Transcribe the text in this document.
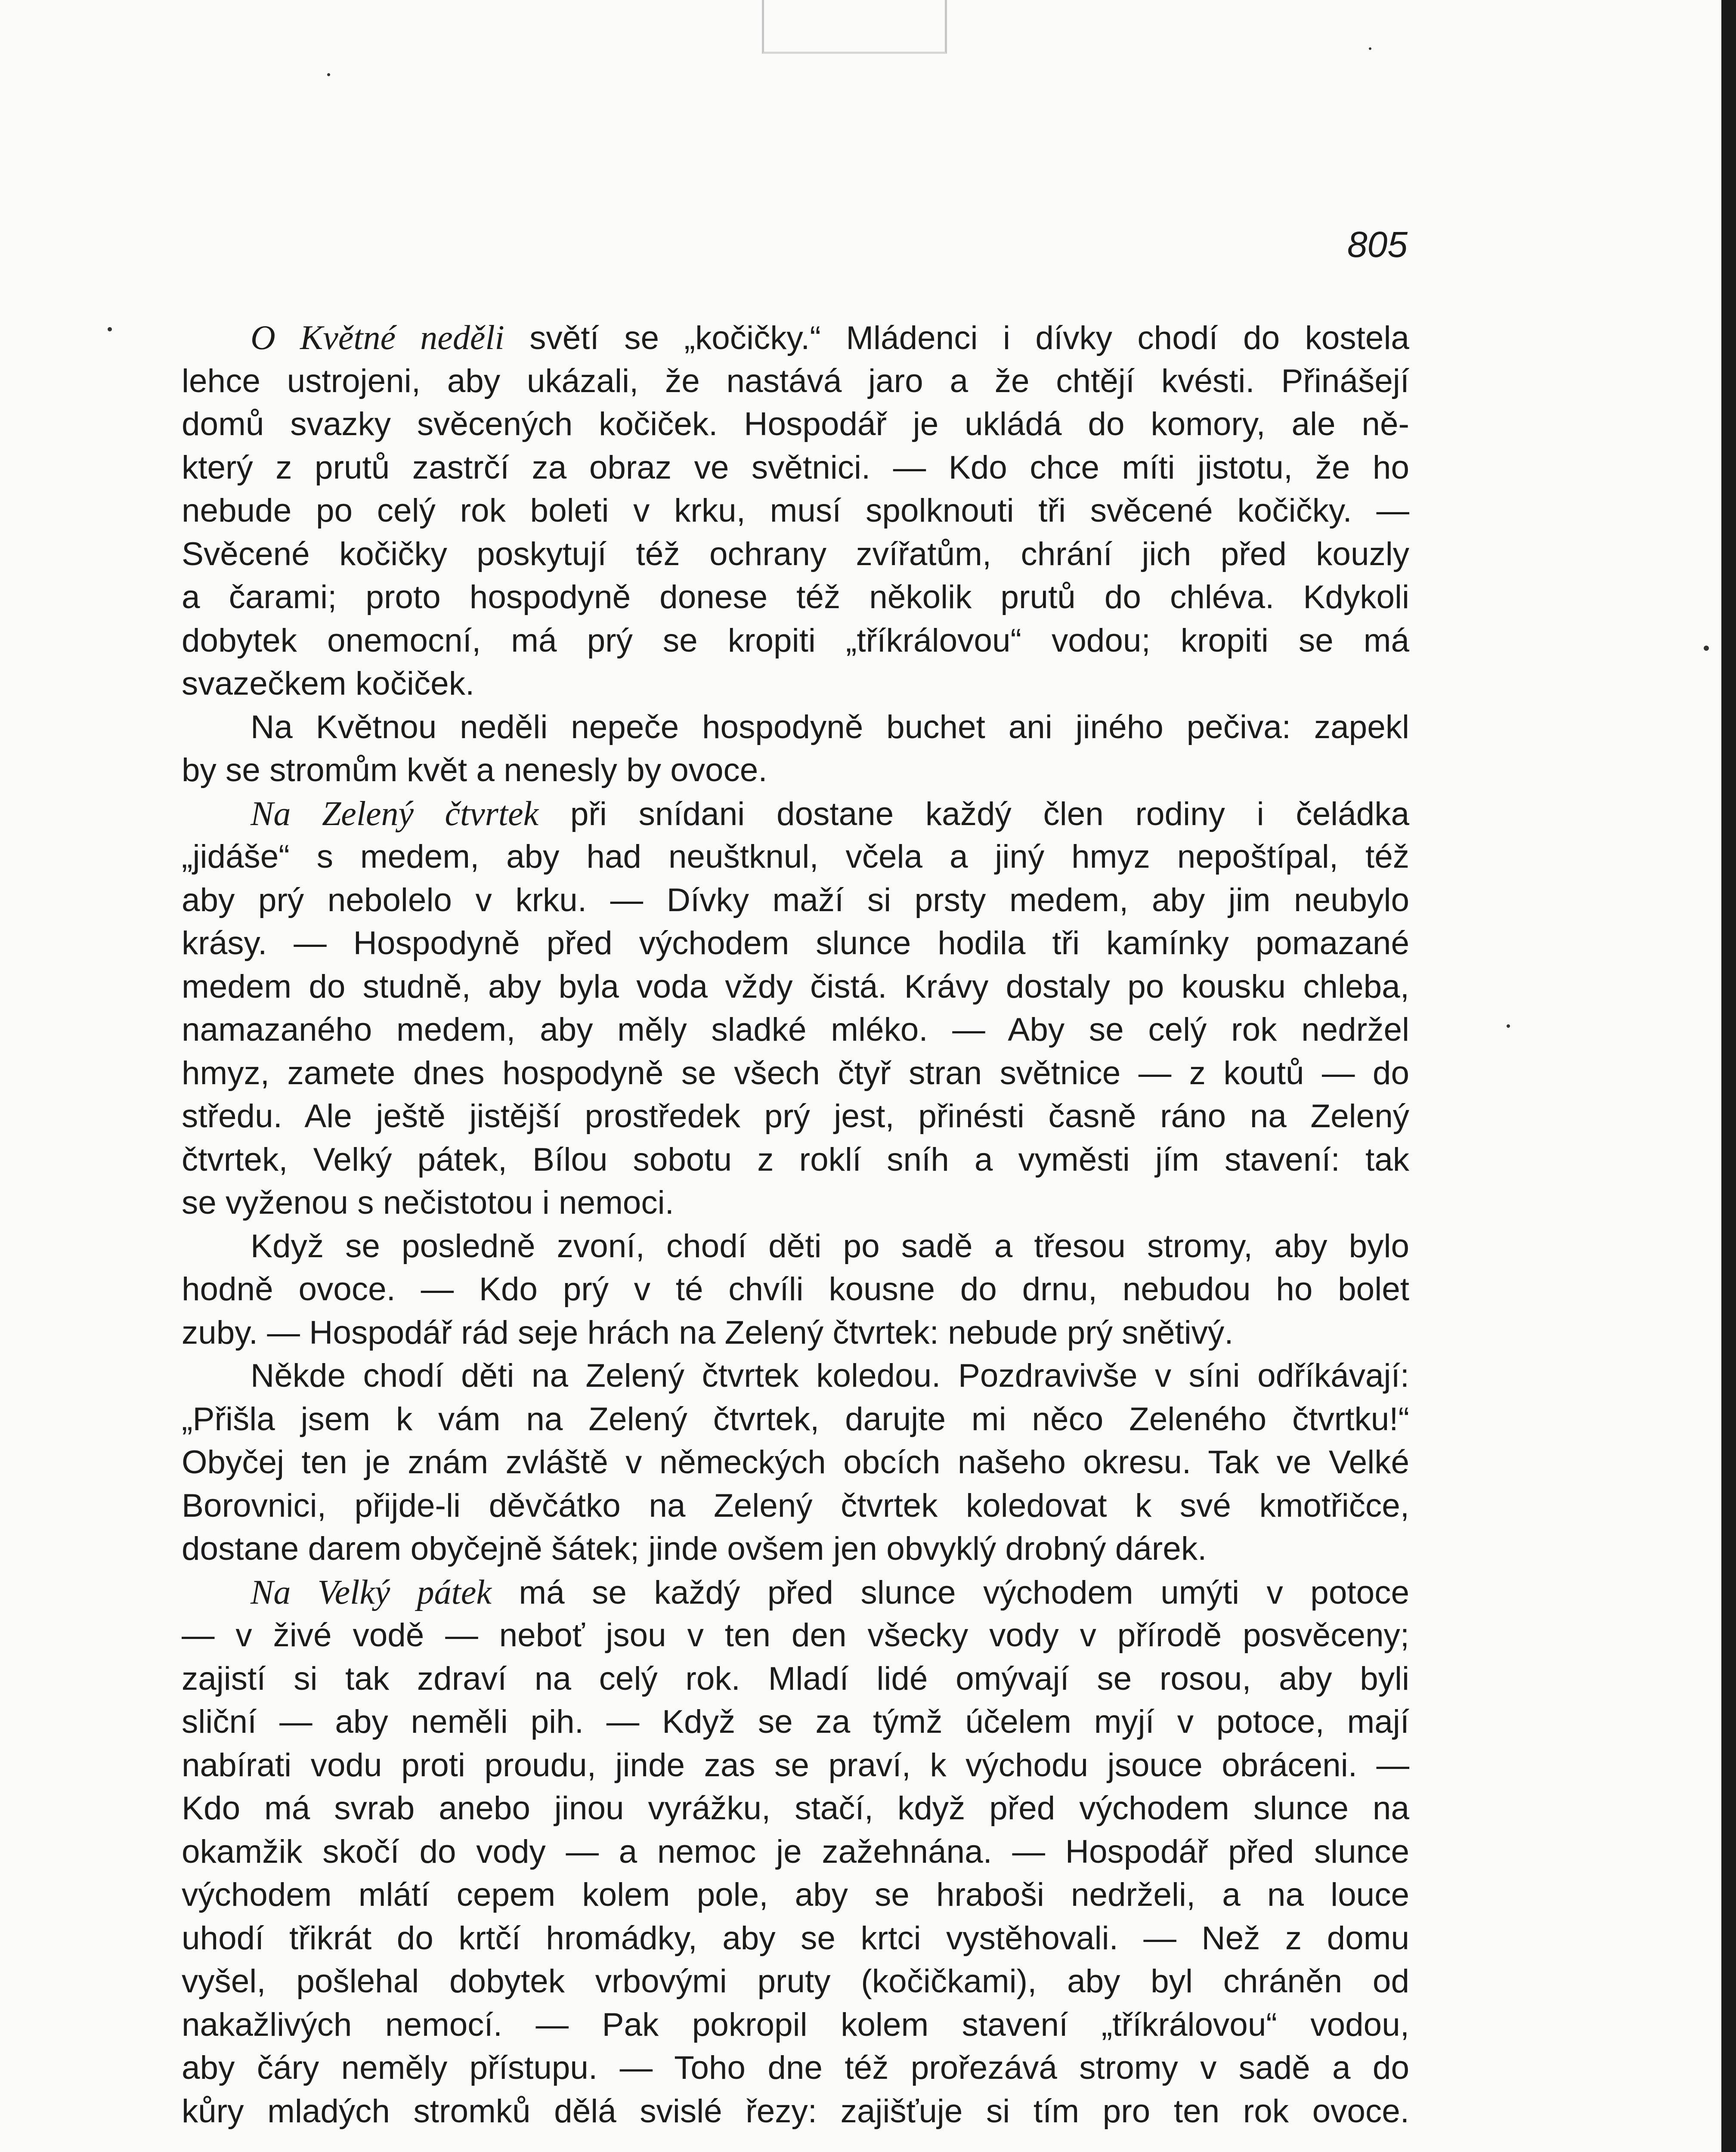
805
O Květné neděli světí se „kočičky.“ Mládenci i dívky chodí do kostela
lehce ustrojeni, aby ukázali, že nastává jaro a že chtějí kvésti. Přinášejí
domů svazky svěcených kočiček. Hospodář je ukládá do komory, ale ně-
který z prutů zastrčí za obraz ve světnici. — Kdo chce míti jistotu, že ho
nebude po celý rok boleti v krku, musí spolknouti tři svěcené kočičky. —
Svěcené kočičky poskytují též ochrany zvířatům, chrání jich před kouzly
a čarami; proto hospodyně donese též několik prutů do chléva. Kdykoli
dobytek onemocní, má prý se kropiti „tříkrálovou“ vodou; kropiti se má
svazečkem kočiček.
Na Květnou neděli nepeče hospodyně buchet ani jiného pečiva: zapekl
by se stromům květ a nenesly by ovoce.
Na Zelený čtvrtek při snídani dostane každý člen rodiny i čeládka
„jidáše“ s medem, aby had neuštknul, včela a jiný hmyz nepoštípal, též
aby prý nebolelo v krku. — Dívky maží si prsty medem, aby jim neubylo
krásy. — Hospodyně před východem slunce hodila tři kamínky pomazané
medem do studně, aby byla voda vždy čistá. Krávy dostaly po kousku chleba,
namazaného medem, aby měly sladké mléko. — Aby se celý rok nedržel
hmyz, zamete dnes hospodyně se všech čtyř stran světnice — z koutů — do
středu. Ale ještě jistější prostředek prý jest, přinésti časně ráno na Zelený
čtvrtek, Velký pátek, Bílou sobotu z roklí sníh a vyměsti jím stavení: tak
se vyženou s nečistotou i nemoci.
Když se posledně zvoní, chodí děti po sadě a třesou stromy, aby bylo
hodně ovoce. — Kdo prý v té chvíli kousne do drnu, nebudou ho bolet
zuby. — Hospodář rád seje hrách na Zelený čtvrtek: nebude prý snětivý.
Někde chodí děti na Zelený čtvrtek koledou. Pozdravivše v síni odříkávají:
„Přišla jsem k vám na Zelený čtvrtek, darujte mi něco Zeleného čtvrtku!“
Obyčej ten je znám zvláště v německých obcích našeho okresu. Tak ve Velké
Borovnici, přijde-li děvčátko na Zelený čtvrtek koledovat k své kmotřičce,
dostane darem obyčejně šátek; jinde ovšem jen obvyklý drobný dárek.
Na Velký pátek má se každý před slunce východem umýti v potoce
— v živé vodě — neboť jsou v ten den všecky vody v přírodě posvěceny;
zajistí si tak zdraví na celý rok. Mladí lidé omývají se rosou, aby byli
sliční — aby neměli pih. — Když se za týmž účelem myjí v potoce, mají
nabírati vodu proti proudu, jinde zas se praví, k východu jsouce obráceni. —
Kdo má svrab anebo jinou vyrážku, stačí, když před východem slunce na
okamžik skočí do vody — a nemoc je zažehnána. — Hospodář před slunce
východem mlátí cepem kolem pole, aby se hraboši nedrželi, a na louce
uhodí třikrát do krtčí hromádky, aby se krtci vystěhovali. — Než z domu
vyšel, pošlehal dobytek vrbovými pruty (kočičkami), aby byl chráněn od
nakažlivých nemocí. — Pak pokropil kolem stavení „tříkrálovou“ vodou,
aby čáry neměly přístupu. — Toho dne též prořezává stromy v sadě a do
kůry mladých stromků dělá svislé řezy: zajišťuje si tím pro ten rok ovoce.
